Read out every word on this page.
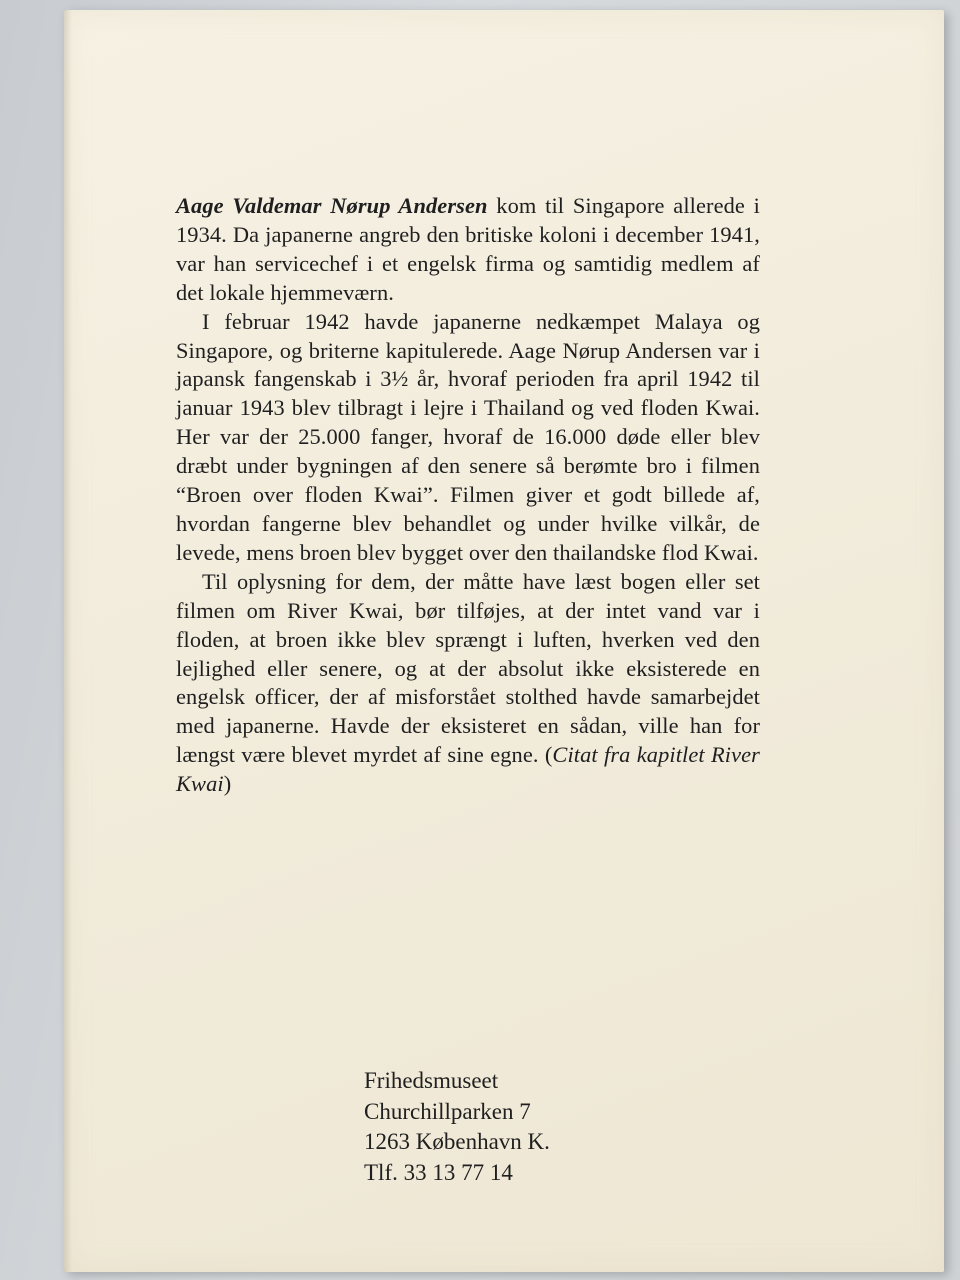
Aage Valdemar Nørup Andersen kom til Singapore allerede i 1934. Da japanerne angreb den britiske koloni i december 1941, var han servicechef i et engelsk firma og samtidig medlem af det lokale hjemmeværn.

I februar 1942 havde japanerne nedkæmpet Malaya og Singapore, og briterne kapitulerede. Aage Nørup Andersen var i japansk fangenskab i 3½ år, hvoraf perioden fra april 1942 til januar 1943 blev tilbragt i lejre i Thailand og ved floden Kwai. Her var der 25.000 fanger, hvoraf de 16.000 døde eller blev dræbt under bygningen af den senere så berømte bro i filmen “Broen over floden Kwai”. Filmen giver et godt billede af, hvordan fangerne blev behandlet og under hvilke vilkår, de levede, mens broen blev bygget over den thailandske flod Kwai.

Til oplysning for dem, der måtte have læst bogen eller set filmen om River Kwai, bør tilføjes, at der intet vand var i floden, at broen ikke blev sprængt i luften, hverken ved den lejlighed eller senere, og at der absolut ikke eksisterede en engelsk officer, der af misforstået stolthed havde samarbejdet med japanerne. Havde der eksisteret en sådan, ville han for længst være blevet myrdet af sine egne. (Citat fra kapitlet River Kwai)

Frihedsmuseet
Churchillparken 7
1263 København K.
Tlf. 33 13 77 14
